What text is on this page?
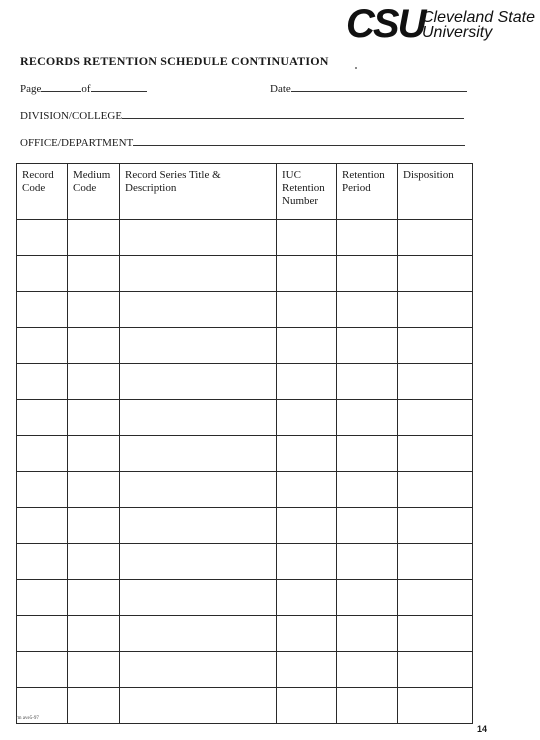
CSU
Cleveland State
University
RECORDS RETENTION SCHEDULE CONTINUATION
Page	of	Date
DIVISION/COLLEGE
OFFICE/DEPARTMENT
Record Code	Medium Code	Record Series Title & Description	IUC Retention Number	Retention Period	Disposition

rm ave5-97
14
